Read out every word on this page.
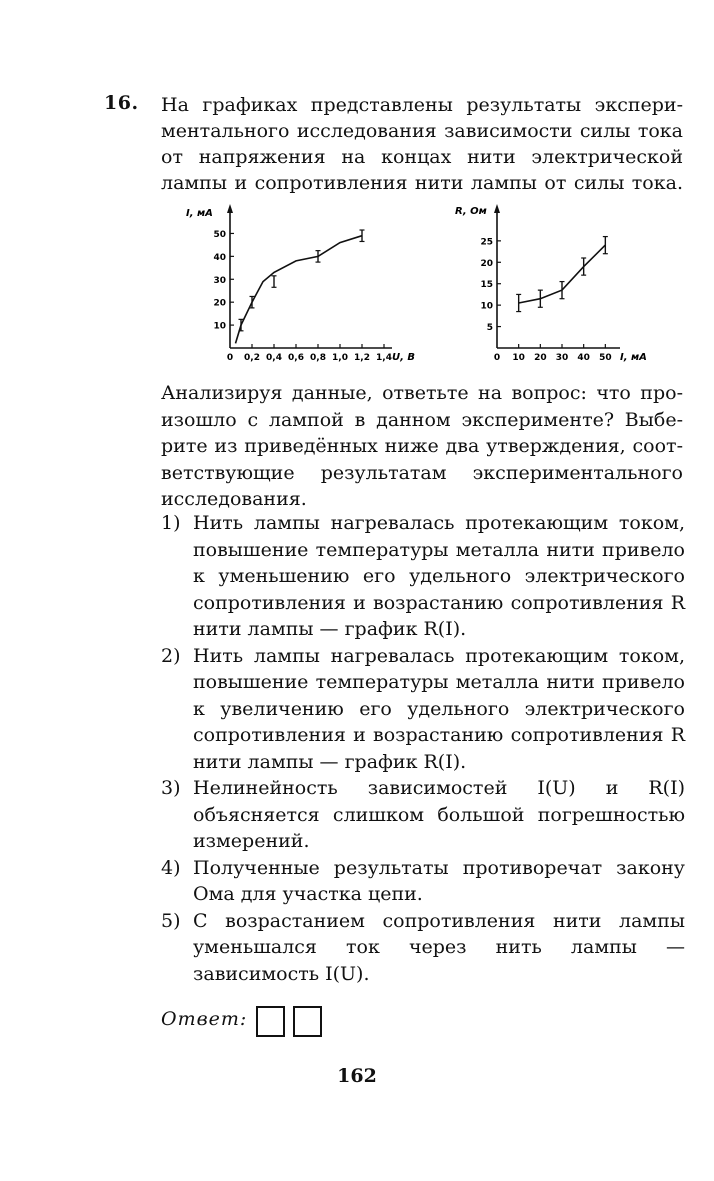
16. На графиках представлены результаты экспери-
ментального исследования зависимости силы тока
от напряжения на концах нити электрической
лампы и сопротивления нити лампы от силы тока.
I, мА
U, В
0 0,2 0,4 0,6 0,8 1,0 1,2 1,4
10
20
30
40
50
R, Ом
I, мА
0 10 20 30 40 50
5
10
15
20
25
Анализируя данные, ответьте на вопрос: что про-
изошло с лампой в данном эксперименте? Выбе-
рите из приведённых ниже два утверждения, соот-
ветствующие результатам экспериментального
исследования.
1) Нить лампы нагревалась протекающим током,
повышение температуры металла нити привело
к уменьшению его удельного электрического
сопротивления и возрастанию сопротивления R
нити лампы — график R(I).
2) Нить лампы нагревалась протекающим током,
повышение температуры металла нити привело
к увеличению его удельного электрического
сопротивления и возрастанию сопротивления R
нити лампы — график R(I).
3) Нелинейность зависимостей I(U) и R(I)
объясняется слишком большой погрешностью
измерений.
4) Полученные результаты противоречат закону
Ома для участка цепи.
5) С возрастанием сопротивления нити лампы
уменьшался ток через нить лампы —
зависимость I(U).
Ответ:
162
